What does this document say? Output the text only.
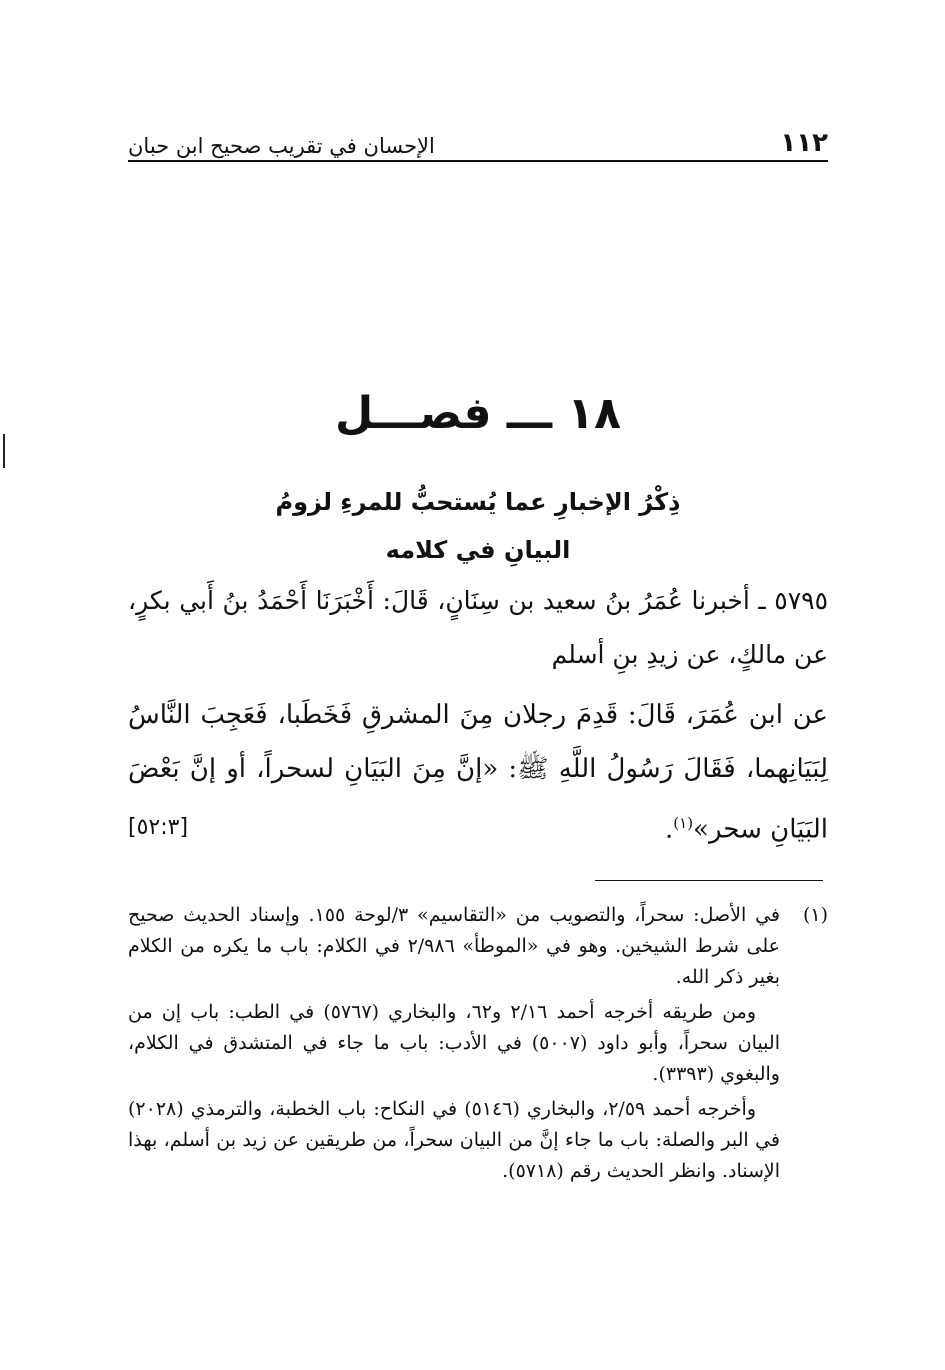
١١٢
الإحسان في تقريب صحيح ابن حبان
١٨ ـــ فصـــل
ذِكْرُ الإخبارِ عما يُستحبُّ للمرءِ لزومُ
البيانِ في كلامه
٥٧٩٥ ـ أخبرنا عُمَرُ بنُ سعيد بن سِنَانٍ، قَالَ: أَخْبَرَنَا أَحْمَدُ بنُ أَبي بكرٍ، عن مالكٍ، عن زيدِ بنِ أسلم
عن ابن عُمَرَ، قَالَ: قَدِمَ رجلان مِنَ المشرقِ فَخَطَبا، فَعَجِبَ النَّاسُ لِبَيَانِهما، فَقَالَ رَسُولُ اللَّهِ ﷺ: «إنَّ مِنَ البَيَانِ لسحراً، أو إنَّ بَعْضَ البَيَانِ سحر»$^{(١)}$.
[٥٢:٣]
(١)

في الأصل: سحراً، والتصويب من «التقاسيم» ٣/لوحة ١٥٥. وإسناد الحديث صحيح على شرط الشيخين. وهو في «الموطأ» ٢/٩٨٦ في الكلام: باب ما يكره من الكلام بغير ذكر الله.

ومن طريقه أخرجه أحمد ٢/١٦ و٦٢، والبخاري (٥٧٦٧) في الطب: باب إن من البيان سحراً، وأبو داود (٥٠٠٧) في الأدب: باب ما جاء في المتشدق في الكلام، والبغوي (٣٣٩٣).

وأخرجه أحمد ٢/٥٩، والبخاري (٥١٤٦) في النكاح: باب الخطبة، والترمذي (٢٠٢٨) في البر والصلة: باب ما جاء إنَّ من البيان سحراً، من طريقين عن زيد بن أسلم، بهذا الإسناد. وانظر الحديث رقم (٥٧١٨).
